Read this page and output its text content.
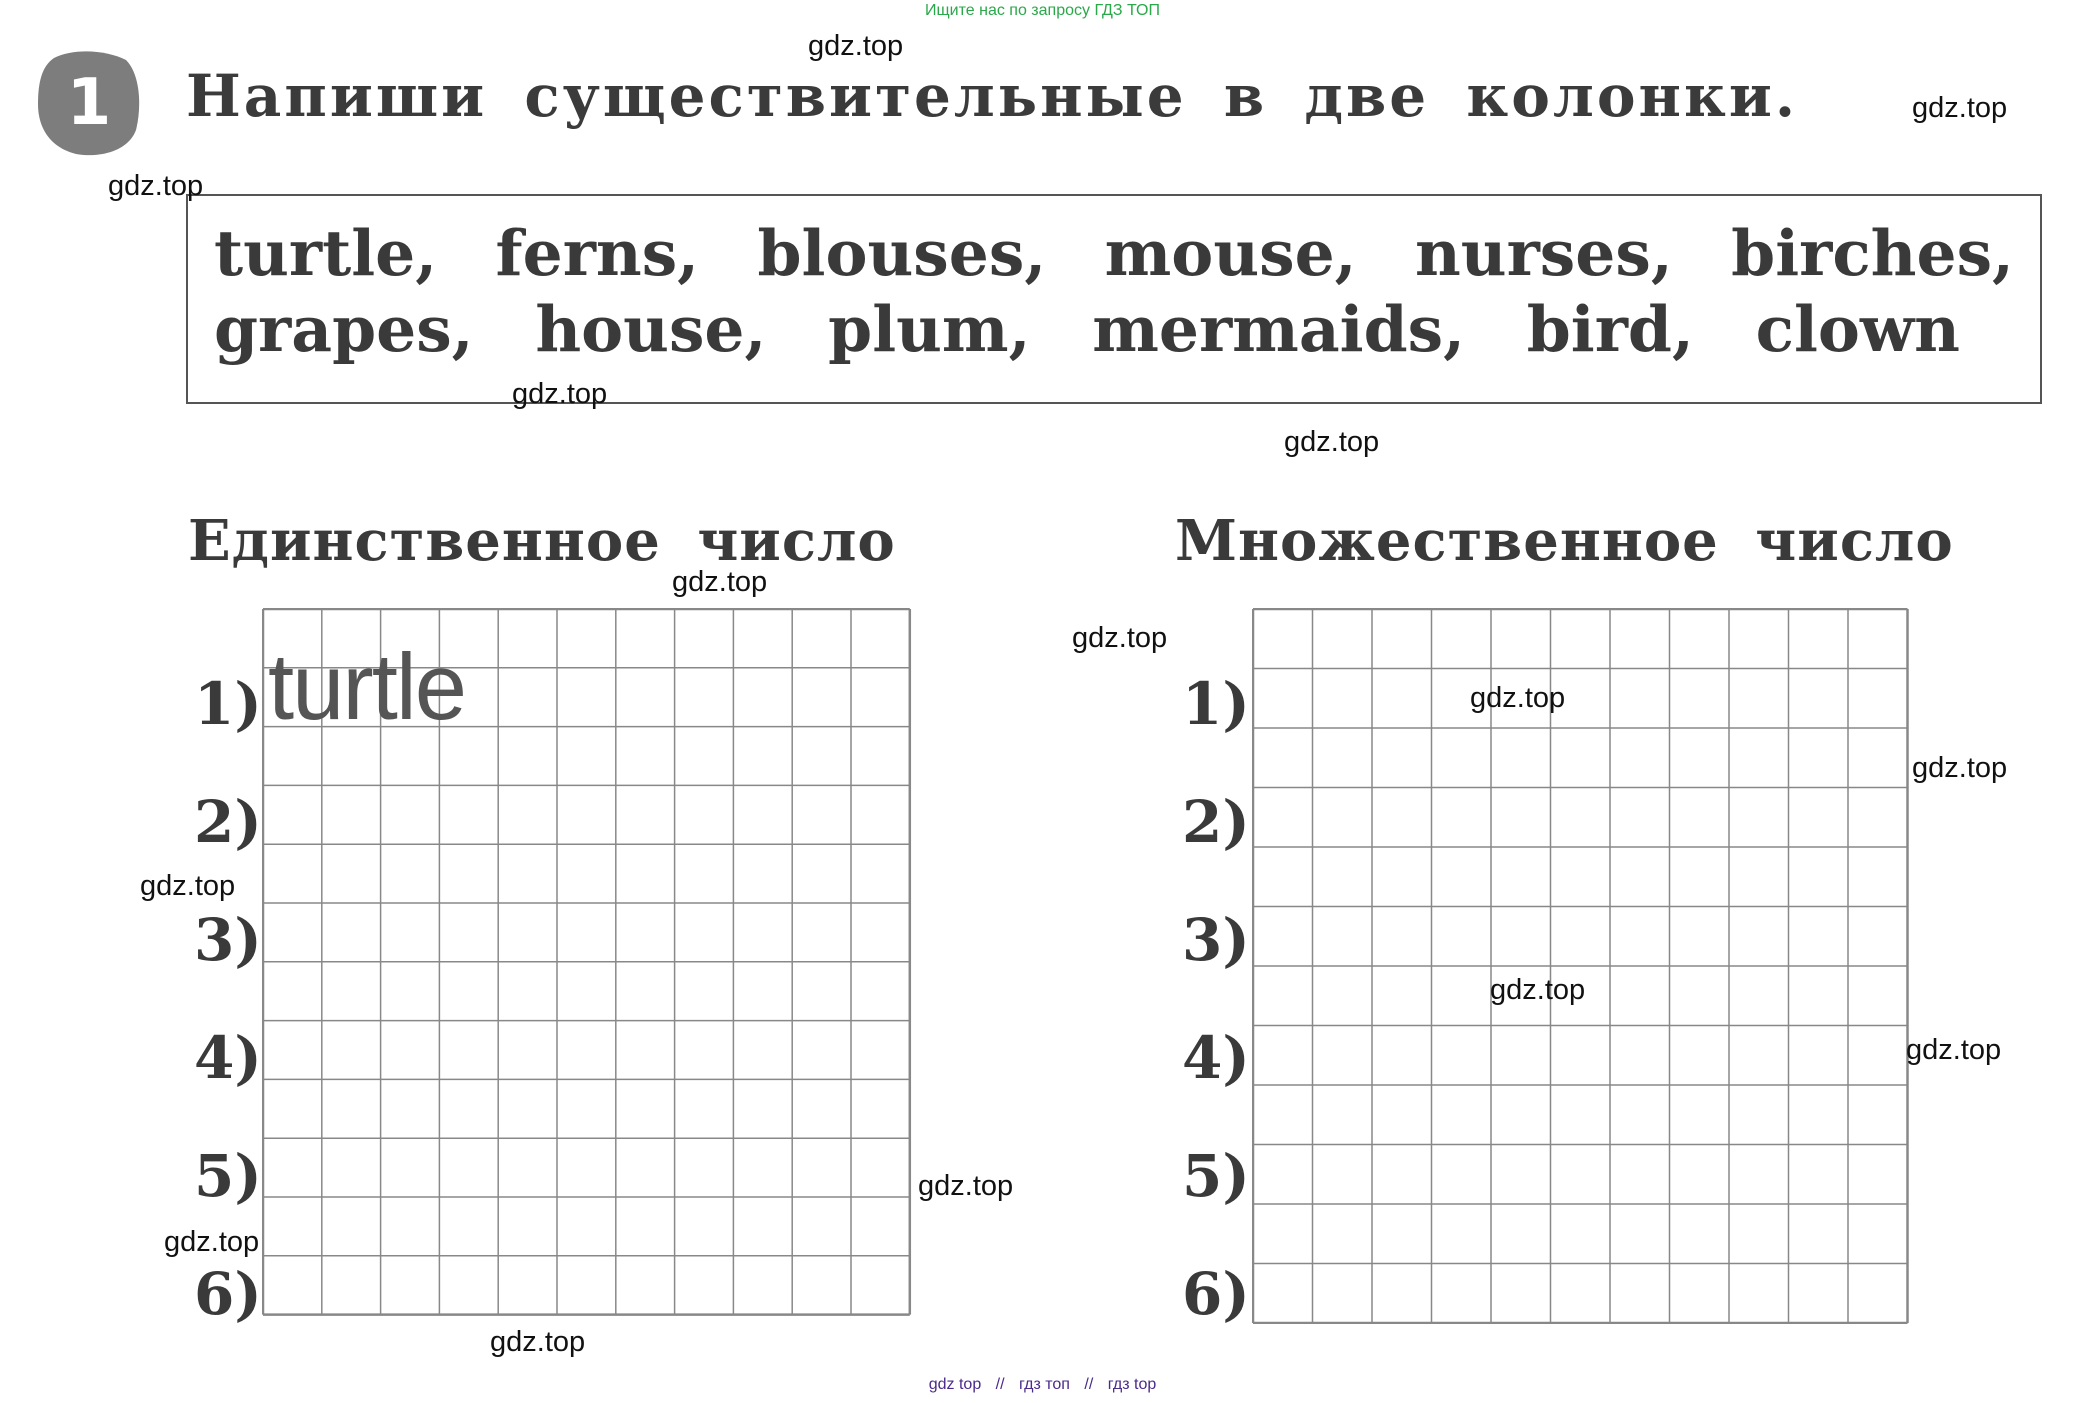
Ищите нас по запросу ГДЗ ТОП
1	Напиши существительные в две колонки.
turtle, ferns, blouses, mouse, nurses, birches,
grapes, house, plum, mermaids, bird, clown
Единственное число
1)
2)
3)
4)
5)
6)
turtle
Множественное число
1)
2)
3)
4)
5)
6)
gdz.top
gdz.top
gdz.top
gdz.top
gdz.top
gdz.top
gdz.top
gdz.top
gdz.top
gdz.top
gdz.top
gdz.top
gdz.top
gdz.top
gdz.top
gdz top // гдз топ // гдз top
